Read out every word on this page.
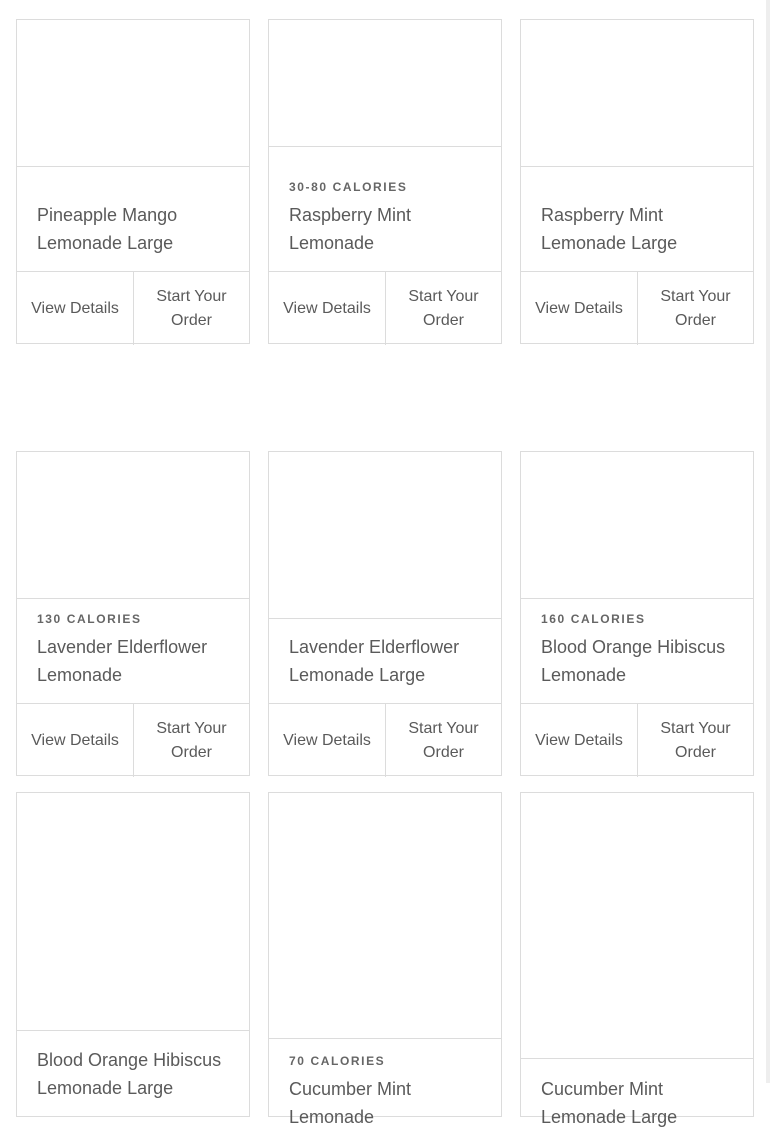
Pineapple Mango Lemonade Large
View Details
Start Your Order
30-80 CALORIES
Raspberry Mint Lemonade
View Details
Start Your Order
Raspberry Mint Lemonade Large
View Details
Start Your Order
130 CALORIES
Lavender Elderflower Lemonade
View Details
Start Your Order
Lavender Elderflower Lemonade Large
View Details
Start Your Order
160 CALORIES
Blood Orange Hibiscus Lemonade
View Details
Start Your Order
Blood Orange Hibiscus Lemonade Large
70 CALORIES
Cucumber Mint Lemonade
Cucumber Mint Lemonade Large
